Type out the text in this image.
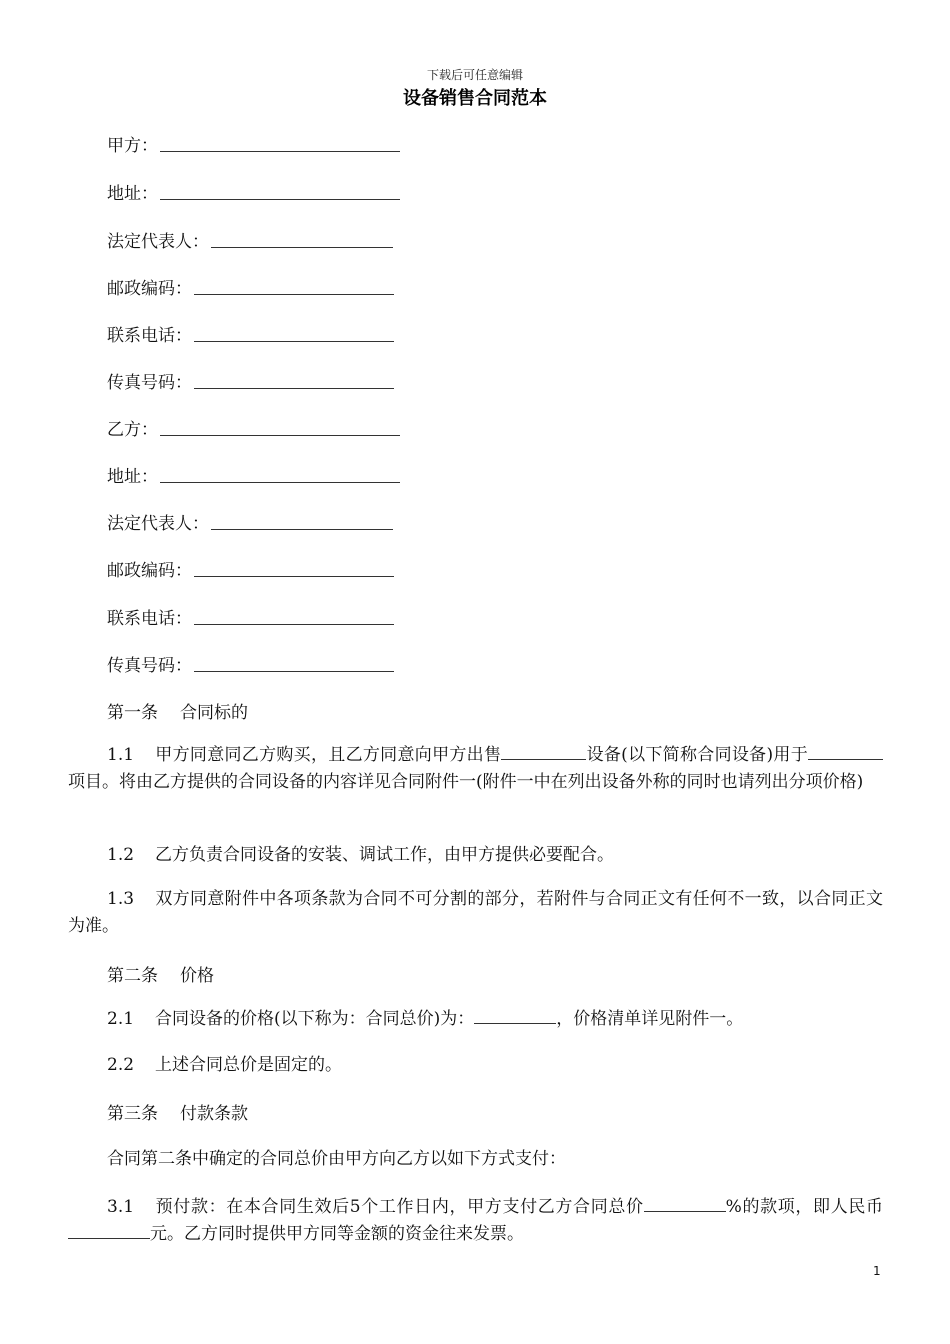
下载后可任意编辑
设备销售合同范本
甲方：
地址：
法定代表人：
邮政编码：
联系电话：
传真号码：
乙方：
地址：
法定代表人：
邮政编码：
联系电话：
传真号码：
第一条 合同标的
1.1 甲方同意同乙方购买，且乙方同意向甲方出售	设备(以下简称合同设备)用于项目。将由乙方提供的合同设备的内容详见合同附件一(附件一中在列出设备外称的同时也请列出分项价格)
1.2 乙方负责合同设备的安装、调试工作，由甲方提供必要配合。
1.3 双方同意附件中各项条款为合同不可分割的部分，若附件与合同正文有任何不一致，以合同正文为准。
第二条 价格
2.1 合同设备的价格(以下称为：合同总价)为：	，价格清单详见附件一。
2.2 上述合同总价是固定的。
第三条 付款条款
合同第二条中确定的合同总价由甲方向乙方以如下方式支付：
3.1 预付款：在本合同生效后5个工作日内，甲方支付乙方合同总价	%的款项，即人民币元。乙方同时提供甲方同等金额的资金往来发票。
1
